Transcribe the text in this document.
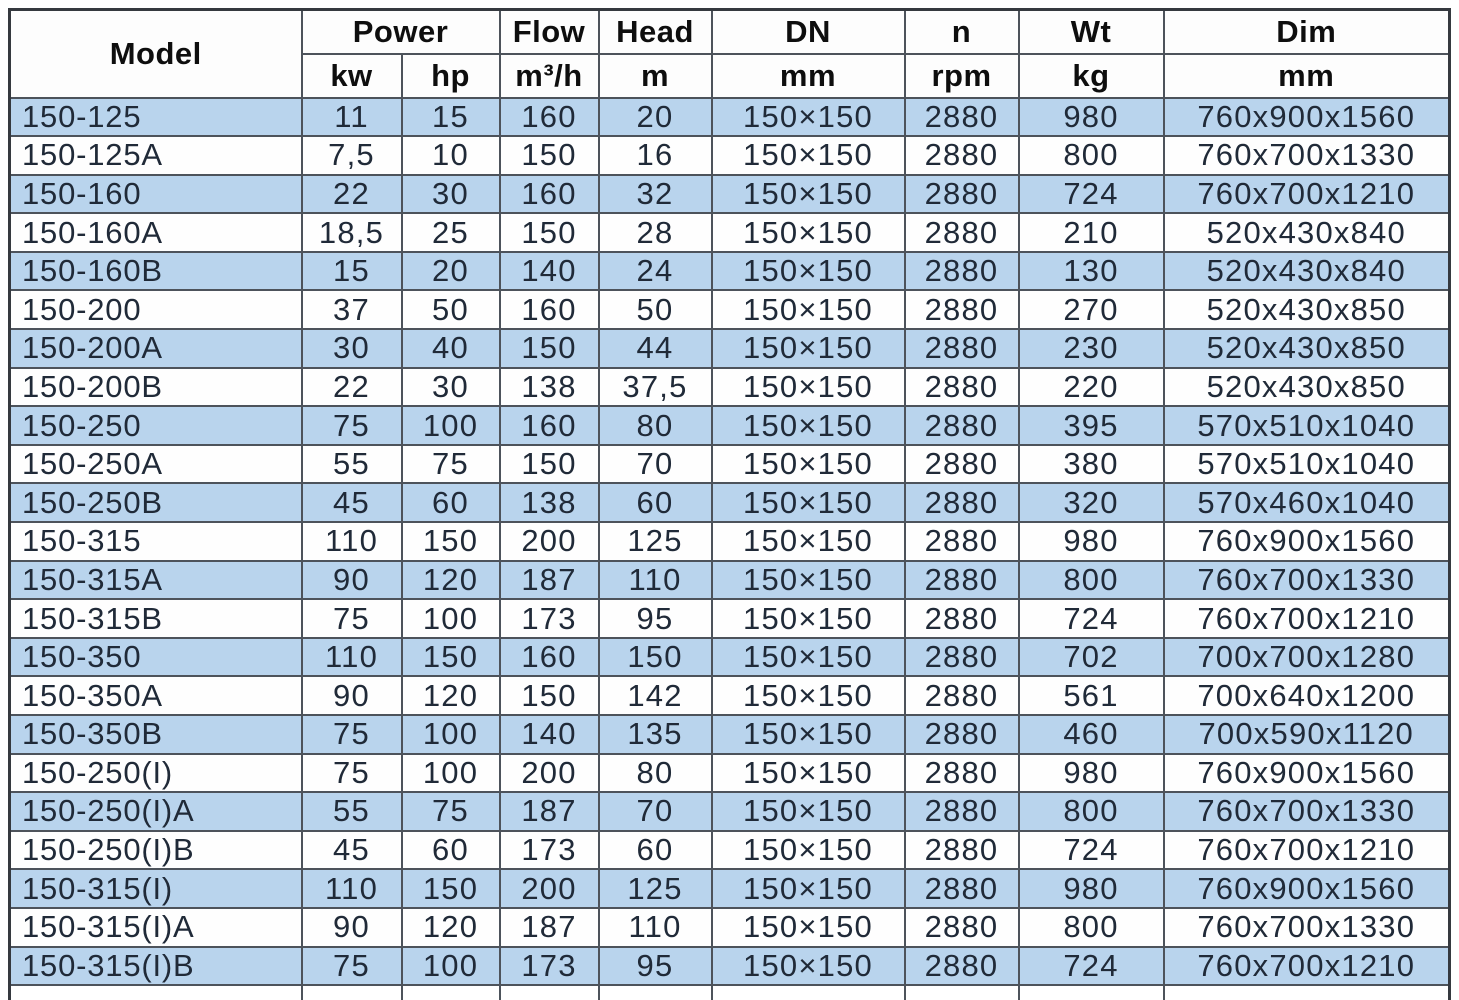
Model	Power		Flow	Head	DN	n	Wt	Dim
	kw	hp	m³/h	m	mm	rpm	kg	mm
150-125	11	15	160	20	150×150	2880	980	760x900x1560
150-125A	7,5	10	150	16	150×150	2880	800	760x700x1330
150-160	22	30	160	32	150×150	2880	724	760x700x1210
150-160A	18,5	25	150	28	150×150	2880	210	520x430x840
150-160B	15	20	140	24	150×150	2880	130	520x430x840
150-200	37	50	160	50	150×150	2880	270	520x430x850
150-200A	30	40	150	44	150×150	2880	230	520x430x850
150-200B	22	30	138	37,5	150×150	2880	220	520x430x850
150-250	75	100	160	80	150×150	2880	395	570x510x1040
150-250A	55	75	150	70	150×150	2880	380	570x510x1040
150-250B	45	60	138	60	150×150	2880	320	570x460x1040
150-315	110	150	200	125	150×150	2880	980	760x900x1560
150-315A	90	120	187	110	150×150	2880	800	760x700x1330
150-315B	75	100	173	95	150×150	2880	724	760x700x1210
150-350	110	150	160	150	150×150	2880	702	700x700x1280
150-350A	90	120	150	142	150×150	2880	561	700x640x1200
150-350B	75	100	140	135	150×150	2880	460	700x590x1120
150-250(I)	75	100	200	80	150×150	2880	980	760x900x1560
150-250(I)A	55	75	187	70	150×150	2880	800	760x700x1330
150-250(I)B	45	60	173	60	150×150	2880	724	760x700x1210
150-315(I)	110	150	200	125	150×150	2880	980	760x900x1560
150-315(I)A	90	120	187	110	150×150	2880	800	760x700x1330
150-315(I)B	75	100	173	95	150×150	2880	724	760x700x1210
